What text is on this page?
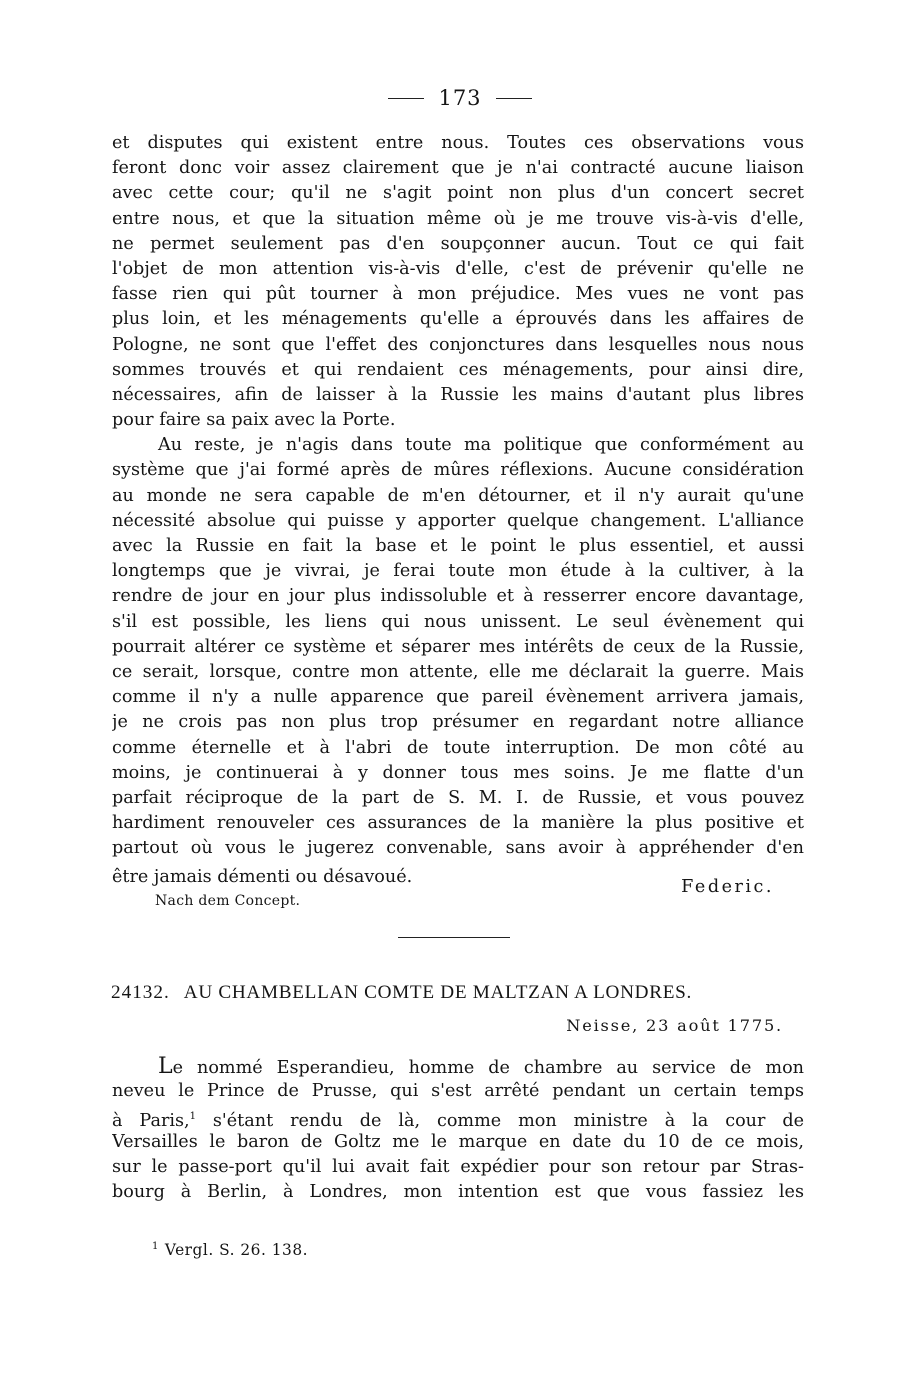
173
et disputes qui existent entre nous. Toutes ces observations vous
feront donc voir assez clairement que je n'ai contracté aucune liaison
avec cette cour; qu'il ne s'agit point non plus d'un concert secret
entre nous, et que la situation même où je me trouve vis-à-vis d'elle,
ne permet seulement pas d'en soupçonner aucun. Tout ce qui fait
l'objet de mon attention vis-à-vis d'elle, c'est de prévenir qu'elle ne
fasse rien qui pût tourner à mon préjudice. Mes vues ne vont pas
plus loin, et les ménagements qu'elle a éprouvés dans les affaires de
Pologne, ne sont que l'effet des conjonctures dans lesquelles nous nous
sommes trouvés et qui rendaient ces ménagements, pour ainsi dire,
nécessaires, afin de laisser à la Russie les mains d'autant plus libres
pour faire sa paix avec la Porte.
Au reste, je n'agis dans toute ma politique que conformément au
système que j'ai formé après de mûres réflexions. Aucune considération
au monde ne sera capable de m'en détourner, et il n'y aurait qu'une
nécessité absolue qui puisse y apporter quelque changement. L'alliance
avec la Russie en fait la base et le point le plus essentiel, et aussi
longtemps que je vivrai, je ferai toute mon étude à la cultiver, à la
rendre de jour en jour plus indissoluble et à resserrer encore davantage,
s'il est possible, les liens qui nous unissent. Le seul évènement qui
pourrait altérer ce système et séparer mes intérêts de ceux de la Russie,
ce serait, lorsque, contre mon attente, elle me déclarait la guerre. Mais
comme il n'y a nulle apparence que pareil évènement arrivera jamais,
je ne crois pas non plus trop présumer en regardant notre alliance
comme éternelle et à l'abri de toute interruption. De mon côté au
moins, je continuerai à y donner tous mes soins. Je me flatte d'un
parfait réciproque de la part de S. M. I. de Russie, et vous pouvez
hardiment renouveler ces assurances de la manière la plus positive et
partout où vous le jugerez convenable, sans avoir à appréhender d'en
être jamais démenti ou désavoué.	Federic.
Nach dem Concept.
24132. AU CHAMBELLAN COMTE DE MALTZAN A LONDRES.
Neisse, 23 août 1775.
Le nommé Esperandieu, homme de chambre au service de mon
neveu le Prince de Prusse, qui s'est arrêté pendant un certain temps
à Paris,$^1$ s'étant rendu de là, comme mon ministre à la cour de
Versailles le baron de Goltz me le marque en date du 10 de ce mois,
sur le passe-port qu'il lui avait fait expédier pour son retour par Stras-
bourg à Berlin, à Londres, mon intention est que vous fassiez les
$^1$ Vergl. S. 26. 138.
